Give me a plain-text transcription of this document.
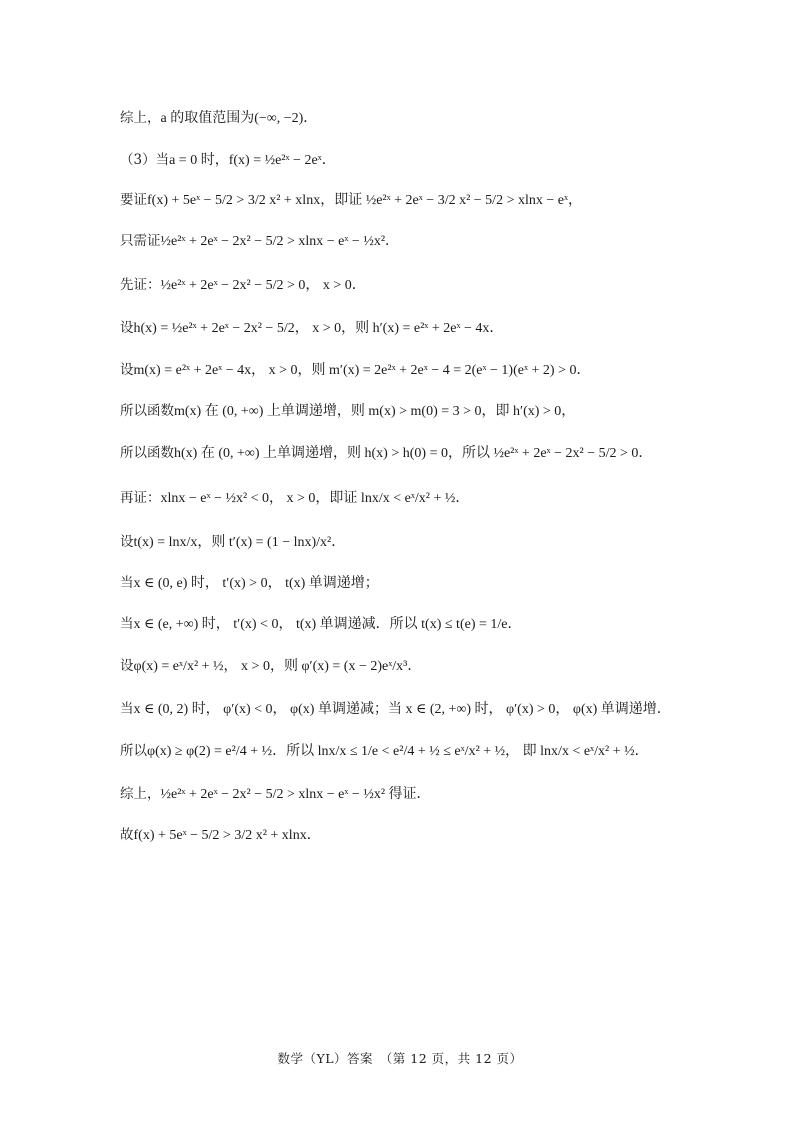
综上， a 的取值范围为(−∞, −2)．
（3）当 a = 0 时，f(x) = ½e²ˣ − 2eˣ．
要证 f(x) + 5eˣ − 5/2 > 3/2 x² + xlnx，即证 ½e²ˣ + 2eˣ − 3/2 x² − 5/2 > xlnx − eˣ，
只需证 ½e²ˣ + 2eˣ − 2x² − 5/2 > xlnx − eˣ − ½x²．
先证： ½e²ˣ + 2eˣ − 2x² − 5/2 > 0， x > 0．
设 h(x) = ½e²ˣ + 2eˣ − 2x² − 5/2， x > 0，则 h′(x) = e²ˣ + 2eˣ − 4x．
设 m(x) = e²ˣ + 2eˣ − 4x， x > 0，则 m′(x) = 2e²ˣ + 2eˣ − 4 = 2(eˣ − 1)(eˣ + 2) > 0．
所以函数 m(x) 在 (0, +∞) 上单调递增，则 m(x) > m(0) = 3 > 0，即 h′(x) > 0，
所以函数 h(x) 在 (0, +∞) 上单调递增，则 h(x) > h(0) = 0，所以 ½e²ˣ + 2eˣ − 2x² − 5/2 > 0．
再证： xlnx − eˣ − ½x² < 0， x > 0，即证 lnx/x < eˣ/x² + ½．
设 t(x) = lnx/x，则 t′(x) = (1 − lnx)/x²．
当 x ∈ (0, e) 时， t′(x) > 0， t(x) 单调递增；
当 x ∈ (e, +∞) 时， t′(x) < 0， t(x) 单调递减．所以 t(x) ≤ t(e) = 1/e．
设 φ(x) = eˣ/x² + ½， x > 0，则 φ′(x) = (x − 2)eˣ/x³．
当 x ∈ (0, 2) 时， φ′(x) < 0， φ(x) 单调递减；当 x ∈ (2, +∞) 时， φ′(x) > 0， φ(x) 单调递增．
所以 φ(x) ≥ φ(2) = e²/4 + ½．所以 lnx/x ≤ 1/e < e²/4 + ½ ≤ eˣ/x² + ½， 即 lnx/x < eˣ/x² + ½．
综上， ½e²ˣ + 2eˣ − 2x² − 5/2 > xlnx − eˣ − ½x² 得证．
故 f(x) + 5eˣ − 5/2 > 3/2 x² + xlnx．
数学（YL）答案　（第 12 页，共 12 页）
